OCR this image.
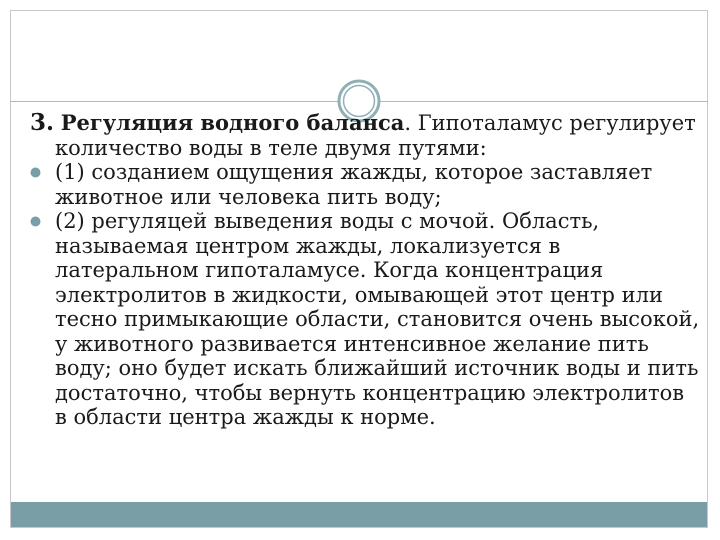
3. Регуляция водного баланса. Гипоталамус регулирует количество воды в теле двумя путями:

(1) созданием ощущения жажды, которое заставляет животное или человека пить воду;

(2) регуляцей выведения воды с мочой. Область, называемая центром жажды, локализуется в латеральном гипоталамусе. Когда концентрация электролитов в жидкости, омывающей этот центр или тесно примыкающие области, становится очень высокой, у животного развивается интенсивное желание пить воду; оно будет искать ближайший источник воды и пить достаточно, чтобы вернуть концентрацию электролитов в области центра жажды к норме.
